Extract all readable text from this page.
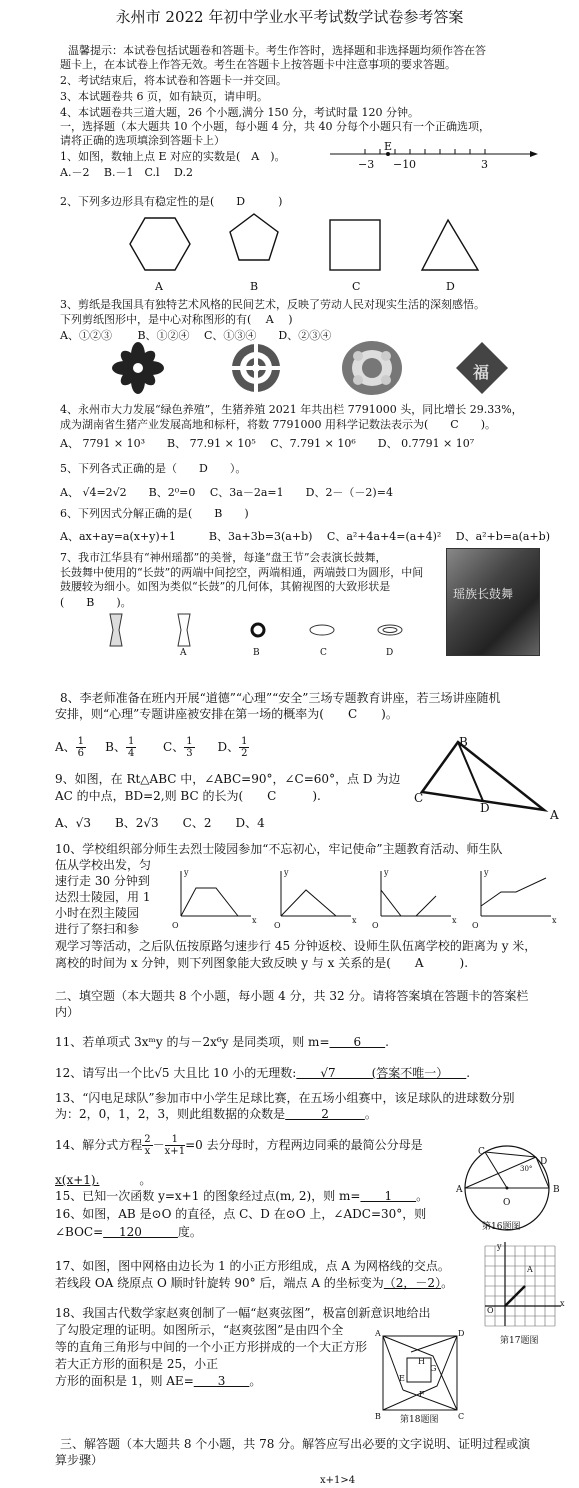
永州市 2022 年初中学业水平考试数学试卷参考答案
温馨提示：本试卷包括试题卷和答题卡。考生作答时，选择题和非选择题均须作答在答
题卡上，在本试卷上作答无效。考生在答题卡上按答题卡中注意事项的要求答题。
2、考试结束后，将本试卷和答题卡一并交回。
3、本试题卷共 6 页，如有缺页，请申明。
4、本试题卷共三道大题，26 个小题,满分 150 分，考试时量 120 分钟。
一，选择题（本大题共 10 个小题，每小题 4 分，共 40 分每个小题只有一个正确选项，
请将正确的选项填涂到答题卡上）
1、如图，数轴上点 E 对应的实数是(　A　)。
A.－2　 B.－1　C.l　 D.2
E
−3 −1 0	3
2、下列多边形具有稳定性的是(　　D　　　)
A	B	C	D
3、剪纸是我国具有独特艺术风格的民间艺术，反映了劳动人民对现实生活的深刻感悟。
下列剪纸图形中，是中心对称图形的有(　 A　 )
A、①②③　　 B、①②④　 C、①③④　　D、②③④
福
4、永州市大力发展“绿色养殖”，生猪养殖 2021 年共出栏 7791000 头，同比增长 29.33%，
成为湖南省生猪产业发展高地和标杆，将数 7791000 用科学记数法表示为(　　C　　)。
A、 7791 × 10³　　B、 77.91 × 10⁵　 C、7.791 × 10⁶　　D、 0.7791 × 10⁷
5、下列各式正确的是（　　D　　）。
A、 √4=2√2　　B、2⁰=0　 C、3a－2a=1　　D、2－（－2)=4
6、下列因式分解正确的是(　　B　　)
A、ax+ay=a(x+y)+1　　　B、3a+3b=3(a+b)　 C、a²+4a+4=(a+4)²　 D、a²+b=a(a+b)
7、我市江华县有“神州瑶都”的美誉，每逢“盘王节”会表演长鼓舞，
长鼓舞中使用的“长鼓”的两端中间挖空，两端相通，两端鼓口为圆形，中间
鼓腰较为细小。如图为类似“长鼓”的几何体，其俯视图的大致形状是
(　　B　　)。
瑶族长鼓舞
A	B	C	D
8、李老师准备在班内开展“道德”“心理”“安全”三场专题教育讲座，若三场讲座随机
安排，则“心理”专题讲座被安排在第一场的概率为(　　C　　)。
A、 $\frac{1}{6}$ B、 $\frac{1}{4}$ C、 $\frac{1}{3}$ D、 $\frac{1}{2}$
9、如图，在 Rt△ABC 中，∠ABC=90°，∠C=60°，点 D 为边
AC 的中点，BD=2,则 BC 的长为(　　C　　　).
A、√3　　B、2√3　　C、2　　D、4
B
C
D	A
10、学校组织部分师生去烈士陵园参加“不忘初心，牢记使命”主题教育活动、师生队
伍从学校出发，匀
速行走 30 分钟到
达烈士陵园，用 1
小时在烈主陵园
进行了祭扫和参
观学习等活动，之后队伍按原路匀速步行 45 分钟返校、设师生队伍离学校的距离为 y 米，
离校的时间为 x 分钟，则下列图象能大致反映 y 与 x 关系的是(　　A　　　).
O
x
y
O
x
y
O
x
y
O
x
y
二、填空题（本大题共 8 个小题，每小题 4 分，共 32 分。请将答案填在答题卡的答案栏
内）
11、若单项式 3xᵐy 的与－2x⁶y 是同类项，则 m=　　6　　.
12、请写出一个比√5 大且比 10 小的无理数:　　√7　　　(答案不唯一）　　.
13、“闪电足球队”参加市中小学生足球比赛，在五场小组赛中，该足球队的进球数分别
为：2，0，1，2，3，则此组数据的众数是　　　2　　　。
14、解分式方程 $\frac{2}{x} - \frac{1}{x+1} =0$ 去分母时，方程两边同乘的最简公分母是
x(x+1).	。
15、已知一次函数 y=x+1 的图象经过点(m, 2)，则 m=　　1　　。
16、如图，AB 是⊙O 的直径，点 C、D 在⊙O 上，∠ADC=30°，则
∠BOC=　 120　　　度。
C
D
A	B
O
30°
第16题图
17、如图，图中网格由边长为 1 的小正方形组成，点 A 为网格线的交点。
若线段 OA 绕原点 O 顺时针旋转 90° 后，端点 A 的坐标变为（2，－2）。
y
A
O
x
第17题图
18、我国古代数学家赵爽创制了一幅“赵爽弦图”，极富创新意识地给出
了勾股定理的证明。如图所示，“赵爽弦图”是由四个全
等的直角三角形与中间的一个小正方形拼成的一个大正方形
若大正方形的面积是 25，小正
方形的面积是 1，则 AE=　　3　　。
A	D
H
G
E
F
B	C
第18题图
三、解答题（本大题共 8 个小题，共 78 分。解答应写出必要的文字说明、证明过程或演
算步骤）
x+1>4
